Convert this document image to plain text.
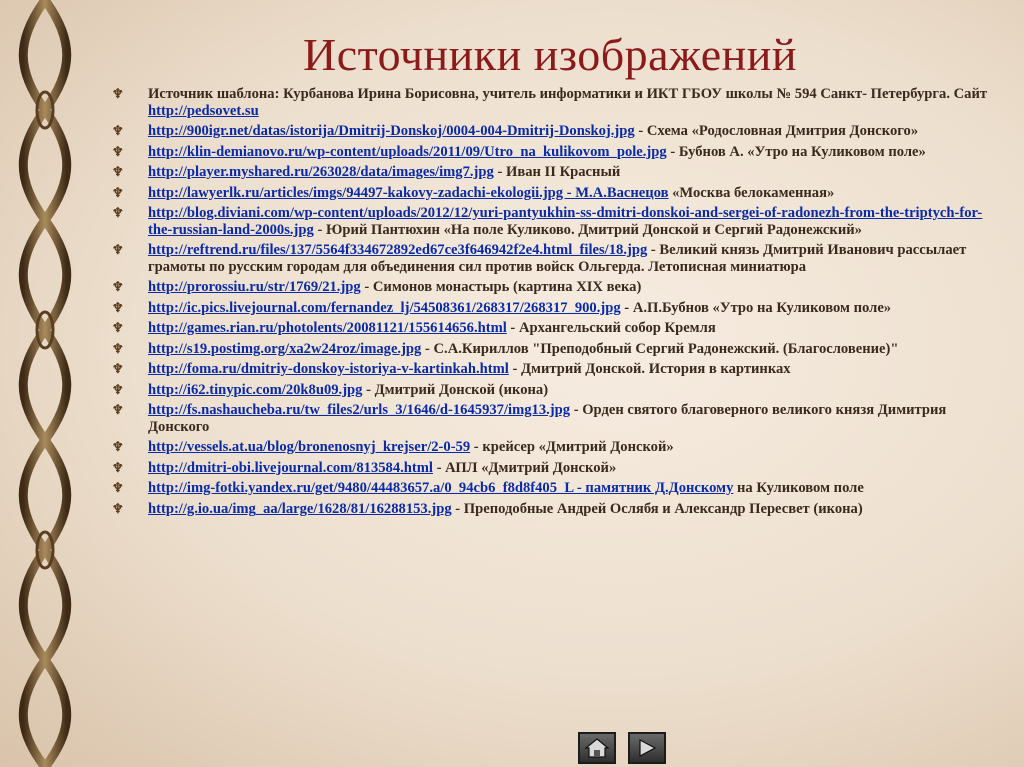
Источники изображений
♆ Источник шаблона: Курбанова Ирина Борисовна, учитель информатики и ИКТ ГБОУ школы № 594 Санкт- Петербурга. Сайт http://pedsovet.su
♆ http://900igr.net/datas/istorija/Dmitrij-Donskoj/0004-004-Dmitrij-Donskoj.jpg - Схема «Родословная Дмитрия Донского»
♆ http://klin-demianovo.ru/wp-content/uploads/2011/09/Utro_na_kulikovom_pole.jpg - Бубнов А. «Утро на Куликовом поле»
♆ http://player.myshared.ru/263028/data/images/img7.jpg - Иван II Красный
♆ http://lawyerlk.ru/articles/imgs/94497-kakovy-zadachi-ekologii.jpg - М.А.Васнецов «Москва белокаменная»
♆ http://blog.diviani.com/wp-content/uploads/2012/12/yuri-pantyukhin-ss-dmitri-donskoi-and-sergei-of-radonezh-from-the-triptych-for-the-russian-land-2000s.jpg - Юрий Пантюхин «На поле Куликово. Дмитрий Донской и Сергий Радонежский»
♆ http://reftrend.ru/files/137/5564f334672892ed67ce3f646942f2e4.html_files/18.jpg - Великий князь Дмитрий Иванович рассылает грамоты по русским городам для объединения сил против войск Ольгерда. Летописная миниатюра
♆ http://prorossiu.ru/str/1769/21.jpg - Симонов монастырь (картина XIX века)
♆ http://ic.pics.livejournal.com/fernandez_lj/54508361/268317/268317_900.jpg - А.П.Бубнов «Утро на Куликовом поле»
♆ http://games.rian.ru/photolents/20081121/155614656.html - Архангельский собор Кремля
♆ http://s19.postimg.org/xa2w24roz/image.jpg - С.А.Кириллов "Преподобный Сергий Радонежский. (Благословение)"
♆ http://foma.ru/dmitriy-donskoy-istoriya-v-kartinkah.html - Дмитрий Донской. История в картинках
♆ http://i62.tinypic.com/20k8u09.jpg - Дмитрий Донской (икона)
♆ http://fs.nashaucheba.ru/tw_files2/urls_3/1646/d-1645937/img13.jpg - Орден святого благоверного великого князя Димитрия Донского
♆ http://vessels.at.ua/blog/bronenosnyj_krejser/2-0-59 - крейсер «Дмитрий Донской»
♆ http://dmitri-obi.livejournal.com/813584.html - АПЛ «Дмитрий Донской»
♆ http://img-fotki.yandex.ru/get/9480/44483657.a/0_94cb6_f8d8f405_L - памятник Д.Донскому на Куликовом поле
♆ http://g.io.ua/img_aa/large/1628/81/16288153.jpg - Преподобные Андрей Ослябя и Александр Пересвет (икона)
